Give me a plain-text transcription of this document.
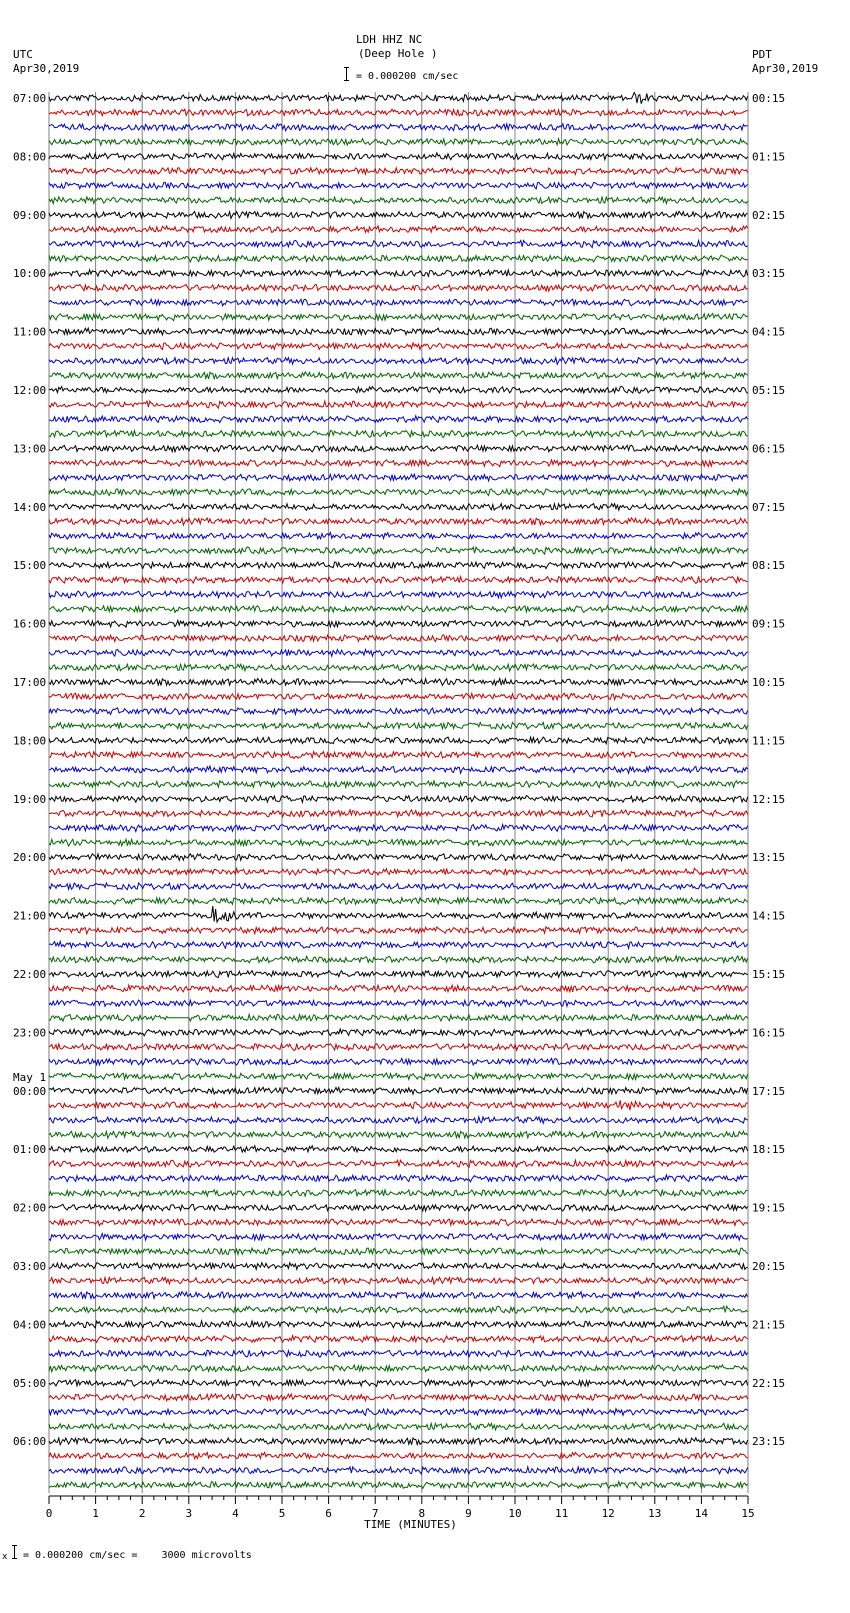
LDH HHZ NC
(Deep Hole )
UTC
Apr30,2019
PDT
Apr30,2019
= 0.000200 cm/sec
0	1	2	3	4	5	6	7	8	9	10	11	12	13	14	15
TIME (MINUTES)
07:00
08:00
09:00
10:00
11:00
12:00
13:00
14:00
15:00
16:00
17:00
18:00
19:00
20:00
21:00
22:00
23:00
00:00
01:00
02:00
03:00
04:00
05:00
06:00
00:15
01:15
02:15
03:15
04:15
05:15
06:15
07:15
08:15
09:15
10:15
11:15
12:15
13:15
14:15
15:15
16:15
17:15
18:15
19:15
20:15
21:15
22:15
23:15
May 1
x = 0.000200 cm/sec =    3000 microvolts
